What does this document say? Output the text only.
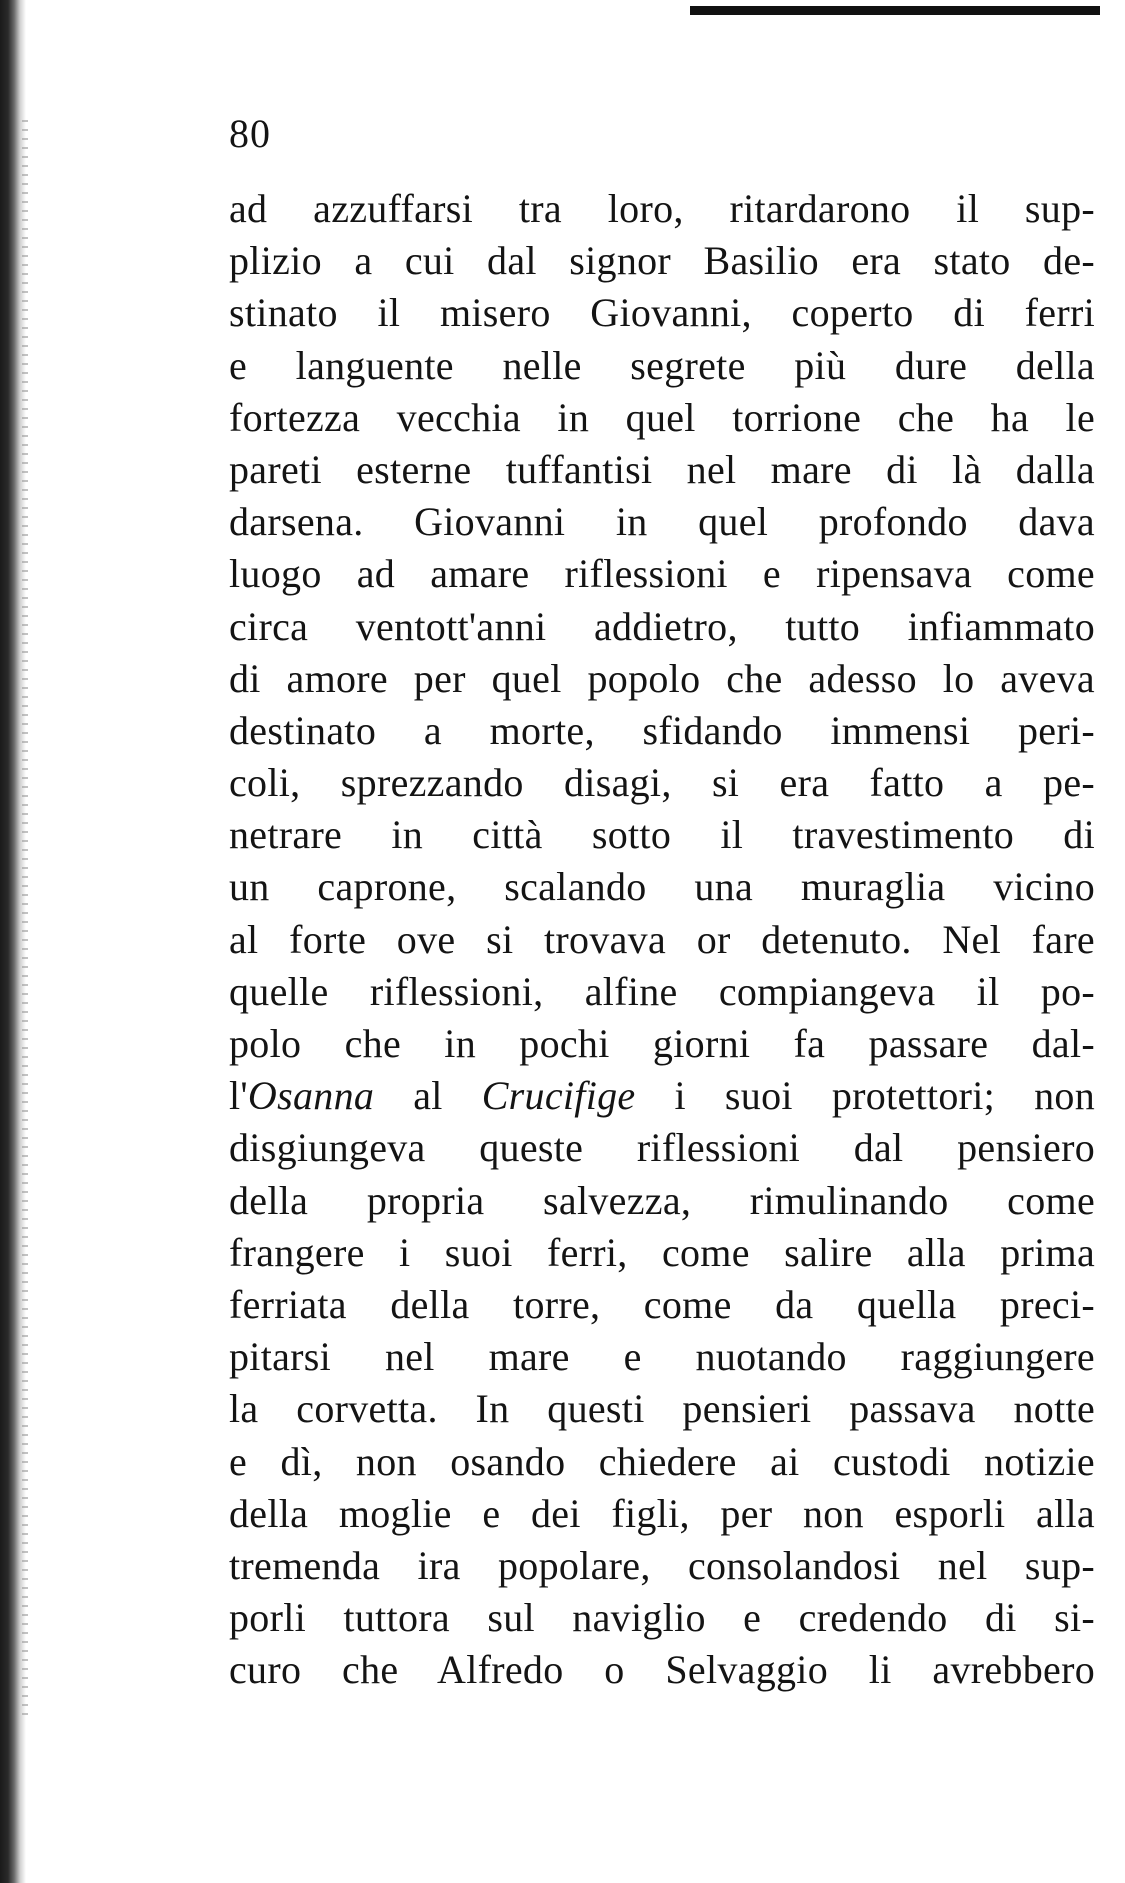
80
ad azzuffarsi tra loro, ritardarono il sup-
plizio a cui dal signor Basilio era stato de-
stinato il misero Giovanni, coperto di ferri
e languente nelle segrete più dure della
fortezza vecchia in quel torrione che ha le
pareti esterne tuffantisi nel mare di là dalla
darsena. Giovanni in quel profondo dava
luogo ad amare riflessioni e ripensava come
circa ventott'anni addietro, tutto infiammato
di amore per quel popolo che adesso lo aveva
destinato a morte, sfidando immensi peri-
coli, sprezzando disagi, si era fatto a pe-
netrare in città sotto il travestimento di
un caprone, scalando una muraglia vicino
al forte ove si trovava or detenuto. Nel fare
quelle riflessioni, alfine compiangeva il po-
polo che in pochi giorni fa passare dal-
l'Osanna al Crucifige i suoi protettori; non
disgiungeva queste riflessioni dal pensiero
della propria salvezza, rimulinando come
frangere i suoi ferri, come salire alla prima
ferriata della torre, come da quella preci-
pitarsi nel mare e nuotando raggiungere
la corvetta. In questi pensieri passava notte
e dì, non osando chiedere ai custodi notizie
della moglie e dei figli, per non esporli alla
tremenda ira popolare, consolandosi nel sup-
porli tuttora sul naviglio e credendo di si-
curo che Alfredo o Selvaggio li avrebbero
